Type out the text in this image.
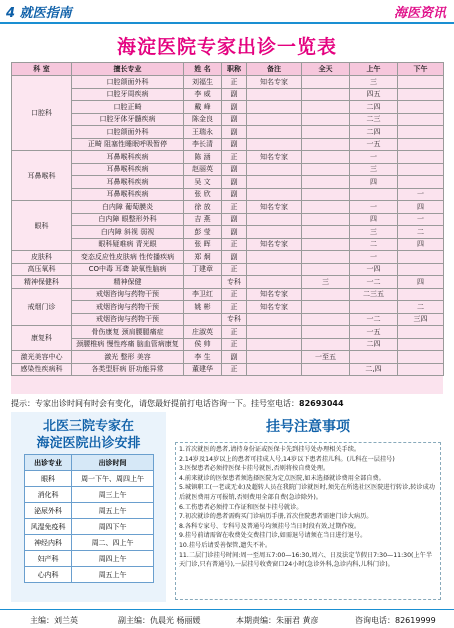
4 就医指南	海医资讯
海淀医院专家出诊一览表
科 室	擅长专业	姓 名	职称	备注	全天	上午	下午
口腔科	口腔颌面外科	刘福生	正	知名专家		三	
	口腔牙周疾病	李 威	副			四五	
	口腔正畸	戴 峰	副			二四	
	口腔牙体牙髓疾病	陈金良	副			二三	
	口腔颌面外科	王瑞永	副			二四	
	正畸 阻塞性睡眠呼吸暂停	李长清	副			一五	
耳鼻喉科	耳鼻喉科疾病	陈 涵	正	知名专家		一	
	耳鼻喉科疾病	赵丽英	副			三	
	耳鼻喉科疾病	吴 文	副			四	
	耳鼻喉科疾病	张 欣	副				一
眼科	白内障 葡萄膜炎	徐 放	正	知名专家		一	四
	白内障 眼整形外科	吉 燕	副			四	一
	白内障 斜视 弱视	彭 莹	副			三	二
	眼科疑难病 青光眼	张 晖	正	知名专家		二	四
皮肤科	变态反应性皮肤病 性传播疾病	郑 炯	副			一	
高压氧科	CO中毒 耳聋 缺氧性脑病	丁建章	正			一四	
精神保健科	精神保健		专科		三	一二	四
戒烟门诊	戒烟咨询与药物干预	李卫红	正	知名专家		二三五	
	戒烟咨询与药物干预	姚 彬	正	知名专家			二
	戒烟咨询与药物干预		专科			一二	三四
康复科	骨伤康复 颈肩腰腿痛症	庄淑英	正			一五	
	颈腰椎病 慢性疼痛 脑血管病康复	侯 帅	正			二四	
激光美容中心	激光 整形 美容	李 生	副		一至五		
感染性疾病科	各类型肝病 肝功能异常	董建华	正			二,四	
提示：专家出诊时间有时会有变化，请您最好提前打电话咨询一下。挂号室电话：82693044
北医三院专家在
海淀医院出诊安排
出诊专业	出诊时间
眼科	周一下午、周四上午
消化科	周三上午
泌尿外科	周五上午
风湿免疫科	周四下午
神经内科	周二、四上午
妇产科	周四上午
心内科	周五上午
挂号注意事项
1.首次就医的患者,请持身份证或医保卡先到挂号处办理相关手续。
2.14岁及14岁以上的患者可挂成人号,14岁以下患者挂儿科。(儿科在一层挂号)
3.医保患者必须持医保卡挂号就医,否则将按自费处理。
4.前来就诊的医保患者须选择医院为定点医院,如未选择就诊费用全部自费。
5.城镇职工(一老或无业)及超转人员在我院门诊就医时,须先在所选社区医院进行转诊,转诊成功后就医费用方可报销,否则费用全部自费(急诊除外)。
6.工伤患者必须持工作证和医保卡挂号就诊。
7.初次就诊的患者需购买门诊病历手册,首次住院患者需建门诊大病历。
8.各科专家号、专科号及普通号均须挂号当日时段有效,过期作废。
9.挂号前请需留在收费处交费挂门诊,如需退号请须在当日进行退号。
10.挂号后请妥善保管,遗失不补。
11.二层门诊挂号时间:周一至周五7:00—16:30,周六、日及法定节假日7:30—11:30(上午半天门诊,只有普通号),一层挂号收费窗口24小时(急诊外科,急诊内科,儿科门诊)。
主编：刘兰英	副主编：仇晨光 杨丽媛	本期责编：朱丽君 黄彦	咨询电话：82619999
